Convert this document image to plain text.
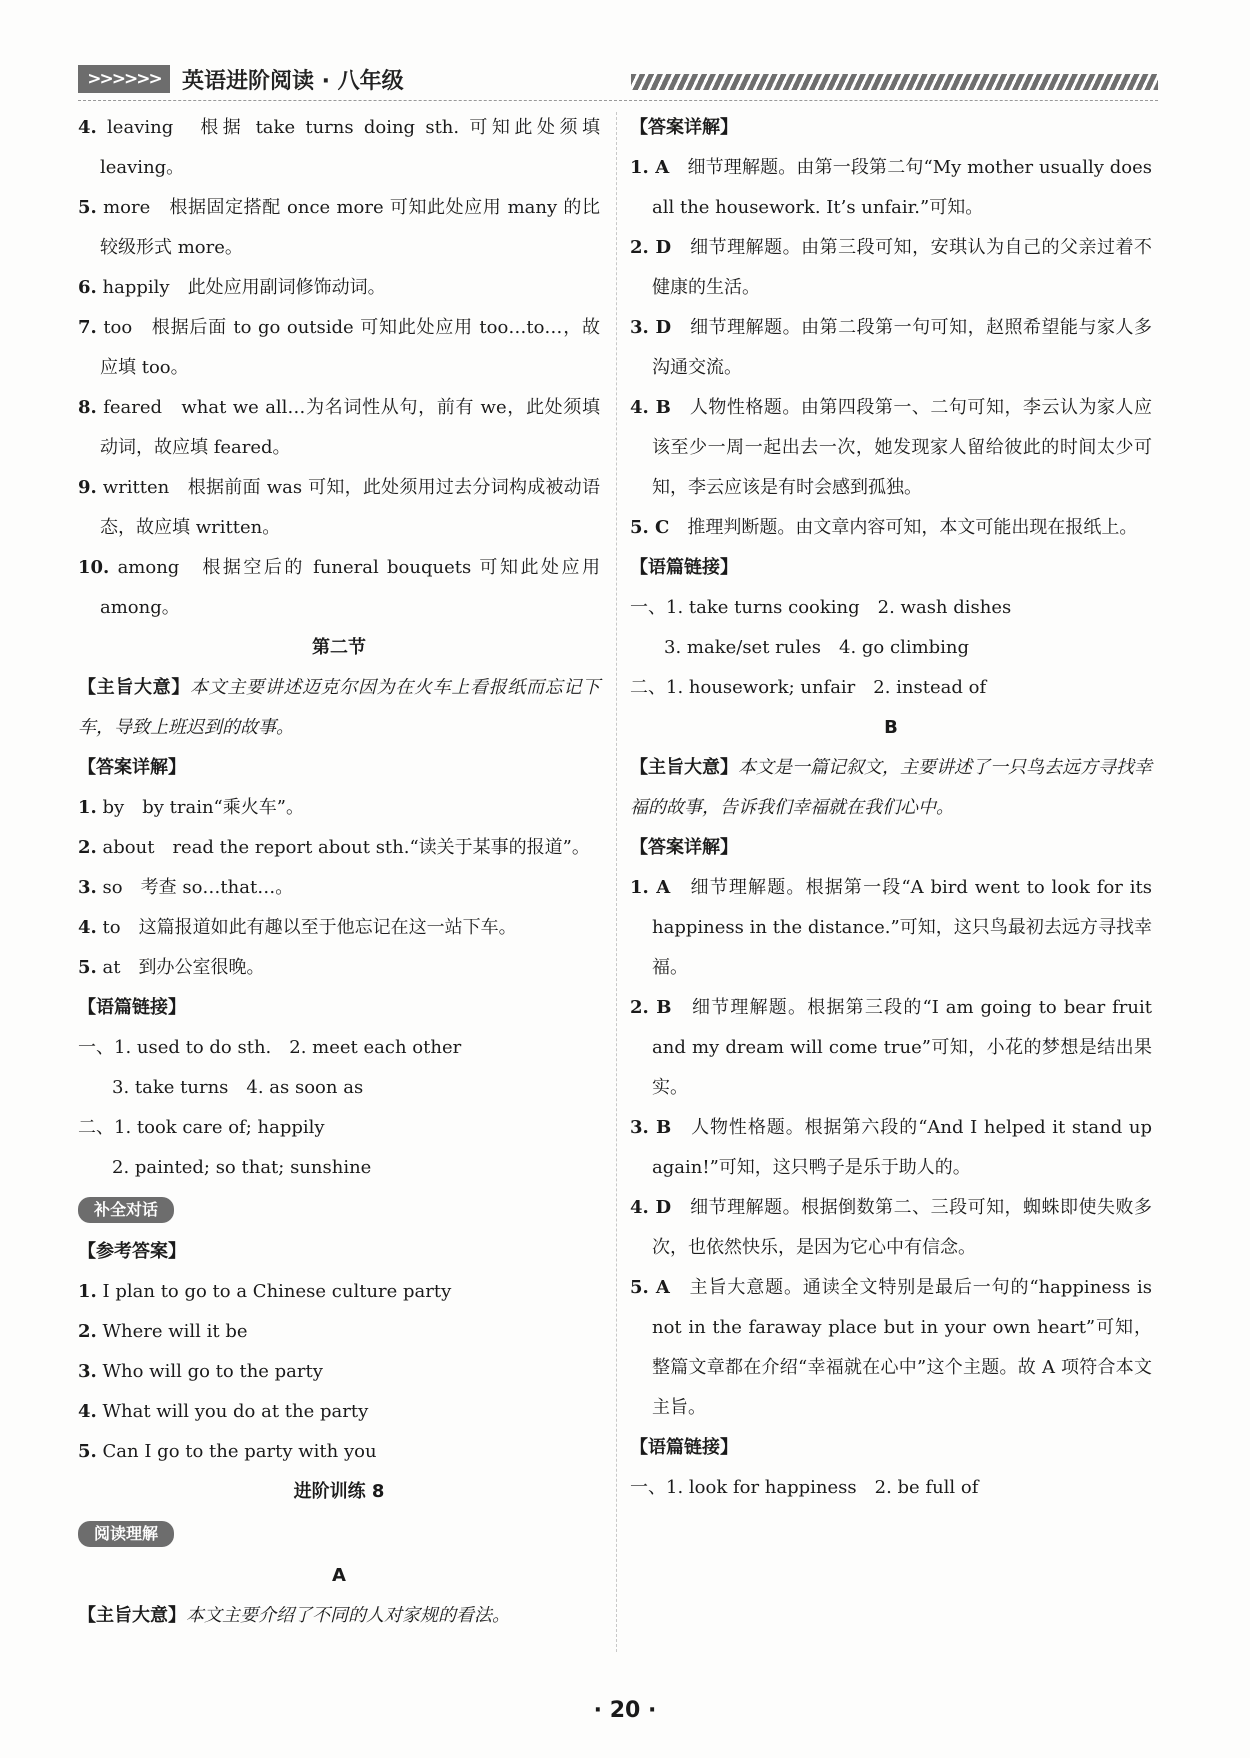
>>>>>> 英语进阶阅读 · 八年级

4. leaving　根据 take turns doing sth. 可知此处须填 leaving。

5. more　根据固定搭配 once more 可知此处应用 many 的比较级形式 more。

6. happily　此处应用副词修饰动词。

7. too　根据后面 to go outside 可知此处应用 too…to…，故应填 too。

8. feared　what we all…为名词性从句，前有 we，此处须填动词，故应填 feared。

9. written　根据前面 was 可知，此处须用过去分词构成被动语态，故应填 written。

10. among　根据空后的 funeral bouquets 可知此处应用 among。

第二节

【主旨大意】本文主要讲述迈克尔因为在火车上看报纸而忘记下车，导致上班迟到的故事。

【答案详解】

1. by　by train“乘火车”。

2. about　read the report about sth.“读关于某事的报道”。

3. so　考查 so…that…。

4. to　这篇报道如此有趣以至于他忘记在这一站下车。

5. at　到办公室很晚。

【语篇链接】

一、1. used to do sth.　2. meet each other

3. take turns　4. as soon as

二、1. took care of; happily

2. painted; so that; sunshine

补全对话

【参考答案】

1. I plan to go to a Chinese culture party

2. Where will it be

3. Who will go to the party

4. What will you do at the party

5. Can I go to the party with you

进阶训练 8

阅读理解

A

【主旨大意】本文主要介绍了不同的人对家规的看法。

【答案详解】

1. A　 细节理解题。由第一段第二句“My mother usually does all the housework. It’s unfair.”可知。

2. D　 细节理解题。由第三段可知，安琪认为自己的父亲过着不健康的生活。

3. D　 细节理解题。由第二段第一句可知，赵照希望能与家人多沟通交流。

4. B　 人物性格题。由第四段第一、二句可知，李云认为家人应该至少一周一起出去一次，她发现家人留给彼此的时间太少可知，李云应该是有时会感到孤独。

5. C　 推理判断题。由文章内容可知，本文可能出现在报纸上。

【语篇链接】

一、1. take turns cooking　2. wash dishes

3. make/set rules　4. go climbing

二、1. housework; unfair　2. instead of

B

【主旨大意】本文是一篇记叙文，主要讲述了一只鸟去远方寻找幸福的故事，告诉我们幸福就在我们心中。

【答案详解】

1. A　 细节理解题。根据第一段“A bird went to look for its happiness in the distance.”可知，这只鸟最初去远方寻找幸福。

2. B　 细节理解题。根据第三段的“I am going to bear fruit and my dream will come true”可知，小花的梦想是结出果实。

3. B　 人物性格题。根据第六段的“And I helped it stand up again!”可知，这只鸭子是乐于助人的。

4. D　 细节理解题。根据倒数第二、三段可知，蜘蛛即使失败多次，也依然快乐，是因为它心中有信念。

5. A　 主旨大意题。通读全文特别是最后一句的“happiness is not in the faraway place but in your own heart”可知，整篇文章都在介绍“幸福就在心中”这个主题。故 A 项符合本文主旨。

【语篇链接】

一、1. look for happiness　2. be full of

· 20 ·
